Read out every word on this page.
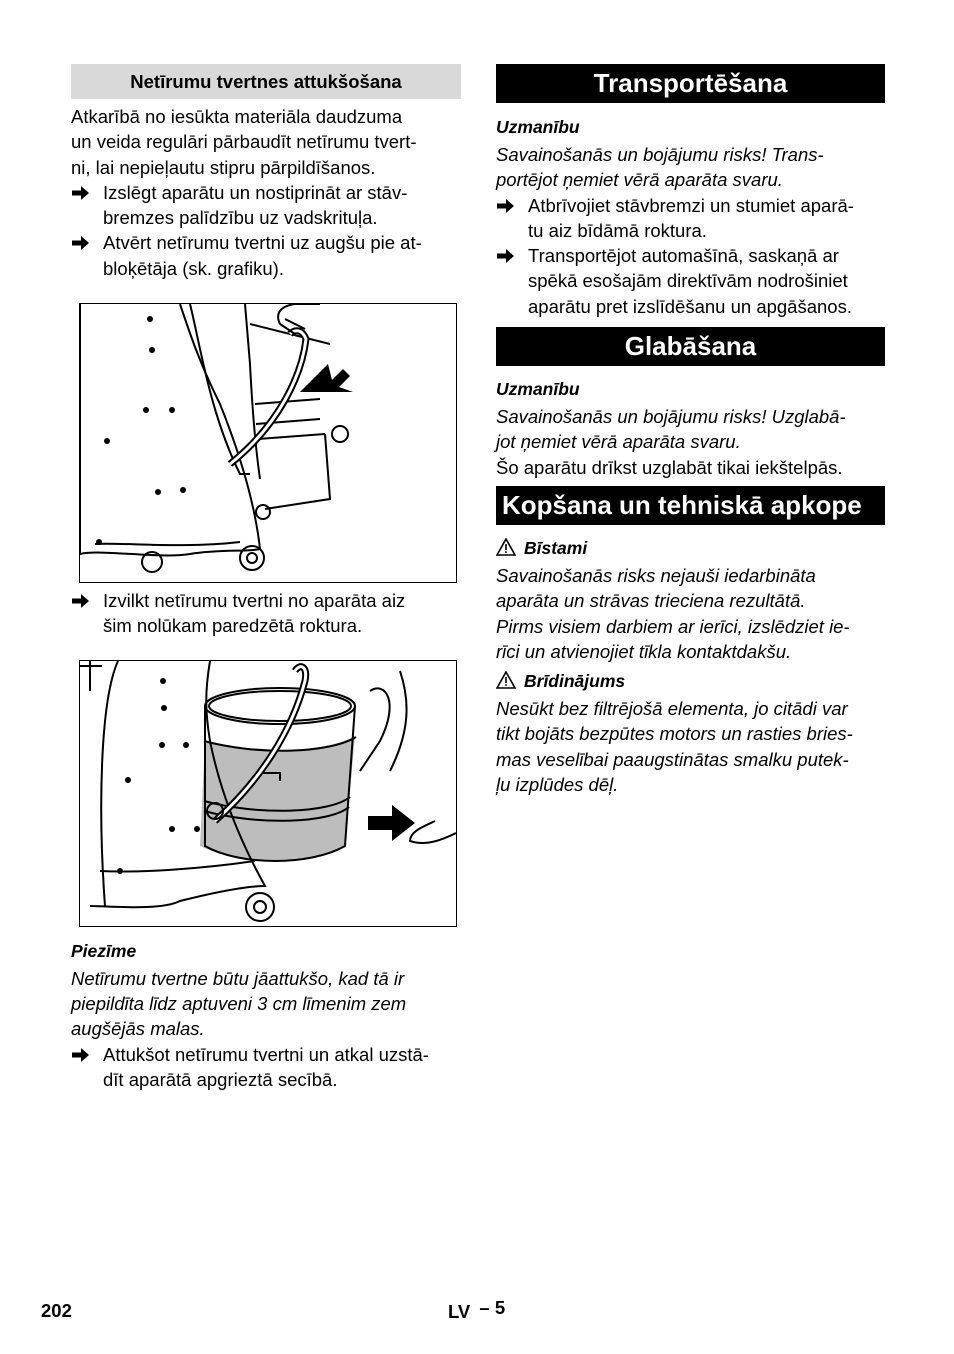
Netīrumu tvertnes attukšošana
Atkarībā no iesūkta materiāla daudzuma
un veida regulāri pārbaudīt netīrumu tvert-
ni, lai nepieļautu stipru pārpildīšanos.
Izslēgt aparātu un nostiprināt ar stāv-
bremzes palīdzību uz vadskrituļa.
Atvērt netīrumu tvertni uz augšu pie at-
bloķētāja (sk. grafiku).
Izvilkt netīrumu tvertni no aparāta aiz
šim nolūkam paredzētā roktura.
Piezīme
Netīrumu tvertne būtu jāattukšo, kad tā ir
piepildīta līdz aptuveni 3 cm līmenim zem
augšējās malas.
Attukšot netīrumu tvertni un atkal uzstā-
dīt aparātā apgrieztā secībā.
Transportēšana
Uzmanību
Savainošanās un bojājumu risks! Trans-
portējot ņemiet vērā aparāta svaru.
Atbrīvojiet stāvbremzi un stumiet aparā-
tu aiz bīdāmā roktura.
Transportējot automašīnā, saskaņā ar
spēkā esošajām direktīvām nodrošiniet
aparātu pret izslīdēšanu un apgāšanos.
Glabāšana
Uzmanību
Savainošanās un bojājumu risks! Uzglabā-
jot ņemiet vērā aparāta svaru.
Šo aparātu drīkst uzglabāt tikai iekštelpās.
Kopšana un tehniskā apkope
Bīstami
Savainošanās risks nejauši iedarbināta
aparāta un strāvas trieciena rezultātā.
Pirms visiem darbiem ar ierīci, izslēdziet ie-
rīci un atvienojiet tīkla kontaktdakšu.
Brīdinājums
Nesūkt bez filtrējošā elementa, jo citādi var
tikt bojāts bezpūtes motors un rasties bries-
mas veselībai paaugstinātas smalku putek-
ļu izplūdes dēļ.
202	LV – 5
